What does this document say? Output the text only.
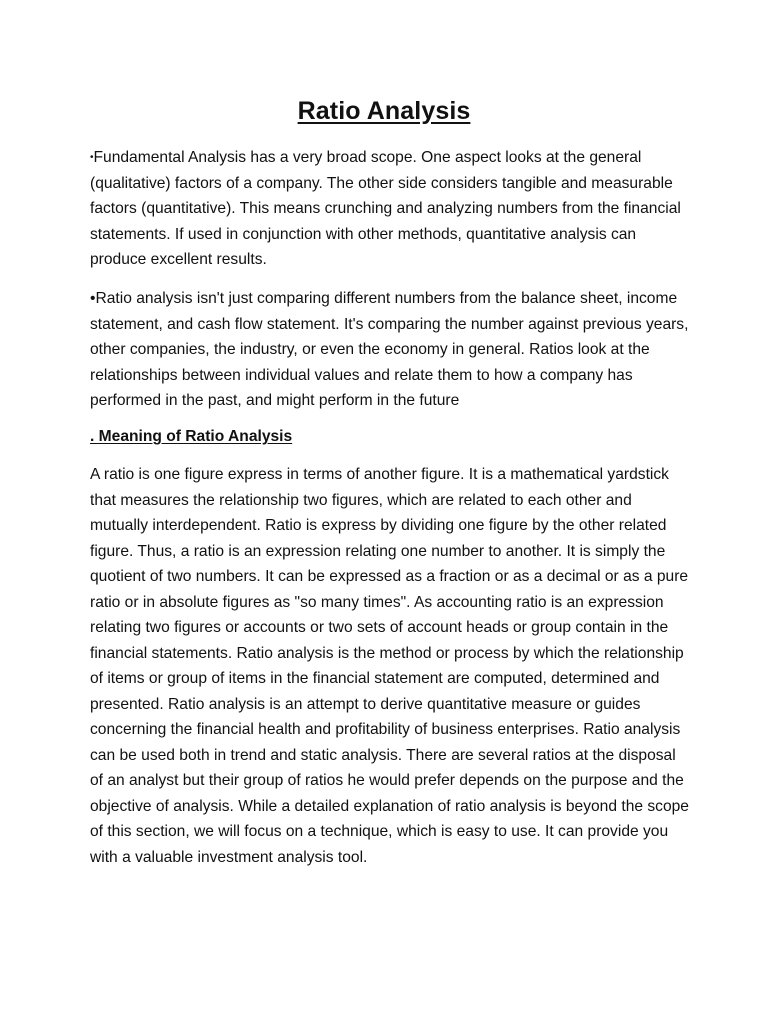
Ratio Analysis

•Fundamental Analysis has a very broad scope. One aspect looks at the general (qualitative) factors of a company. The other side considers tangible and measurable factors (quantitative). This means crunching and analyzing numbers from the financial statements. If used in conjunction with other methods, quantitative analysis can produce excellent results.

•Ratio analysis isn't just comparing different numbers from the balance sheet, income statement, and cash flow statement. It's comparing the number against previous years, other companies, the industry, or even the economy in general. Ratios look at the relationships between individual values and relate them to how a company has performed in the past, and might perform in the future

. Meaning of Ratio Analysis

A ratio is one figure express in terms of another figure. It is a mathematical yardstick that measures the relationship two figures, which are related to each other and mutually interdependent. Ratio is express by dividing one figure by the other related figure. Thus, a ratio is an expression relating one number to another. It is simply the quotient of two numbers. It can be expressed as a fraction or as a decimal or as a pure ratio or in absolute figures as "so many times". As accounting ratio is an expression relating two figures or accounts or two sets of account heads or group contain in the financial statements. Ratio analysis is the method or process by which the relationship of items or group of items in the financial statement are computed, determined and presented. Ratio analysis is an attempt to derive quantitative measure or guides concerning the financial health and profitability of business enterprises. Ratio analysis can be used both in trend and static analysis. There are several ratios at the disposal of an analyst but their group of ratios he would prefer depends on the purpose and the objective of analysis. While a detailed explanation of ratio analysis is beyond the scope of this section, we will focus on a technique, which is easy to use. It can provide you with a valuable investment analysis tool.
